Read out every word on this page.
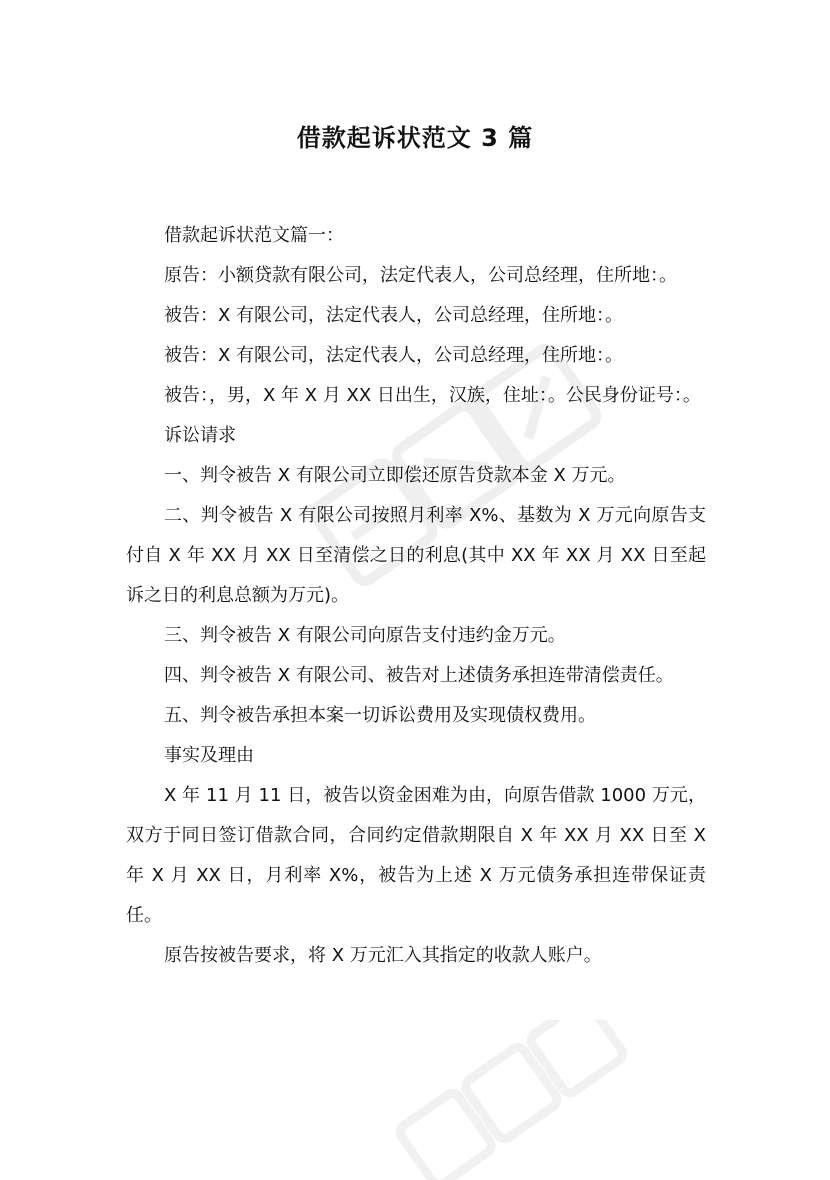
借款起诉状范文 3 篇

借款起诉状范文篇一：

原告：小额贷款有限公司，法定代表人，公司总经理，住所地：。

被告：X 有限公司，法定代表人，公司总经理，住所地：。

被告：X 有限公司，法定代表人，公司总经理，住所地：。

被告：，男，X 年 X 月 XX 日出生，汉族，住址：。公民身份证号：。

诉讼请求

一、判令被告 X 有限公司立即偿还原告贷款本金 X 万元。

二、判令被告 X 有限公司按照月利率 X%、基数为 X 万元向原告支付自 X 年 XX 月 XX 日至清偿之日的利息(其中 XX 年 XX 月 XX 日至起诉之日的利息总额为万元)。

三、判令被告 X 有限公司向原告支付违约金万元。

四、判令被告 X 有限公司、被告对上述债务承担连带清偿责任。

五、判令被告承担本案一切诉讼费用及实现债权费用。

事实及理由

X 年 11 月 11 日，被告以资金困难为由，向原告借款 1000 万元，双方于同日签订借款合同，合同约定借款期限自 X 年 XX 月 XX 日至 X 年 X 月 XX 日，月利率 X%，被告为上述 X 万元债务承担连带保证责任。

原告按被告要求，将 X 万元汇入其指定的收款人账户。
